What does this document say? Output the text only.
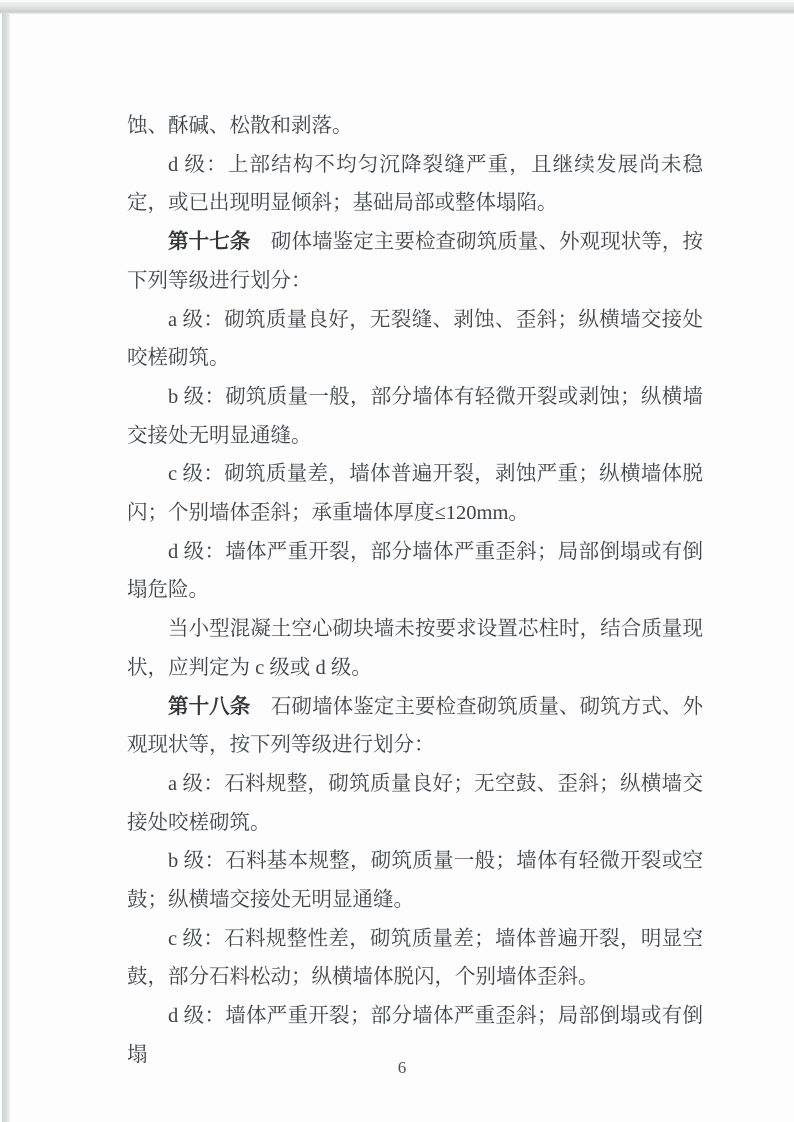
蚀、酥碱、松散和剥落。

d 级：上部结构不均匀沉降裂缝严重，且继续发展尚未稳定，或已出现明显倾斜；基础局部或整体塌陷。

第十七条　砌体墙鉴定主要检查砌筑质量、外观现状等，按下列等级进行划分：

a 级：砌筑质量良好，无裂缝、剥蚀、歪斜；纵横墙交接处咬槎砌筑。

b 级：砌筑质量一般，部分墙体有轻微开裂或剥蚀；纵横墙交接处无明显通缝。

c 级：砌筑质量差，墙体普遍开裂，剥蚀严重；纵横墙体脱闪；个别墙体歪斜；承重墙体厚度≤120mm。

d 级：墙体严重开裂，部分墙体严重歪斜；局部倒塌或有倒塌危险。

当小型混凝土空心砌块墙未按要求设置芯柱时，结合质量现状，应判定为 c 级或 d 级。

第十八条　石砌墙体鉴定主要检查砌筑质量、砌筑方式、外观现状等，按下列等级进行划分：

a 级：石料规整，砌筑质量良好；无空鼓、歪斜；纵横墙交接处咬槎砌筑。

b 级：石料基本规整，砌筑质量一般；墙体有轻微开裂或空鼓；纵横墙交接处无明显通缝。

c 级：石料规整性差，砌筑质量差；墙体普遍开裂，明显空鼓，部分石料松动；纵横墙体脱闪，个别墙体歪斜。

d 级：墙体严重开裂；部分墙体严重歪斜；局部倒塌或有倒塌

6
